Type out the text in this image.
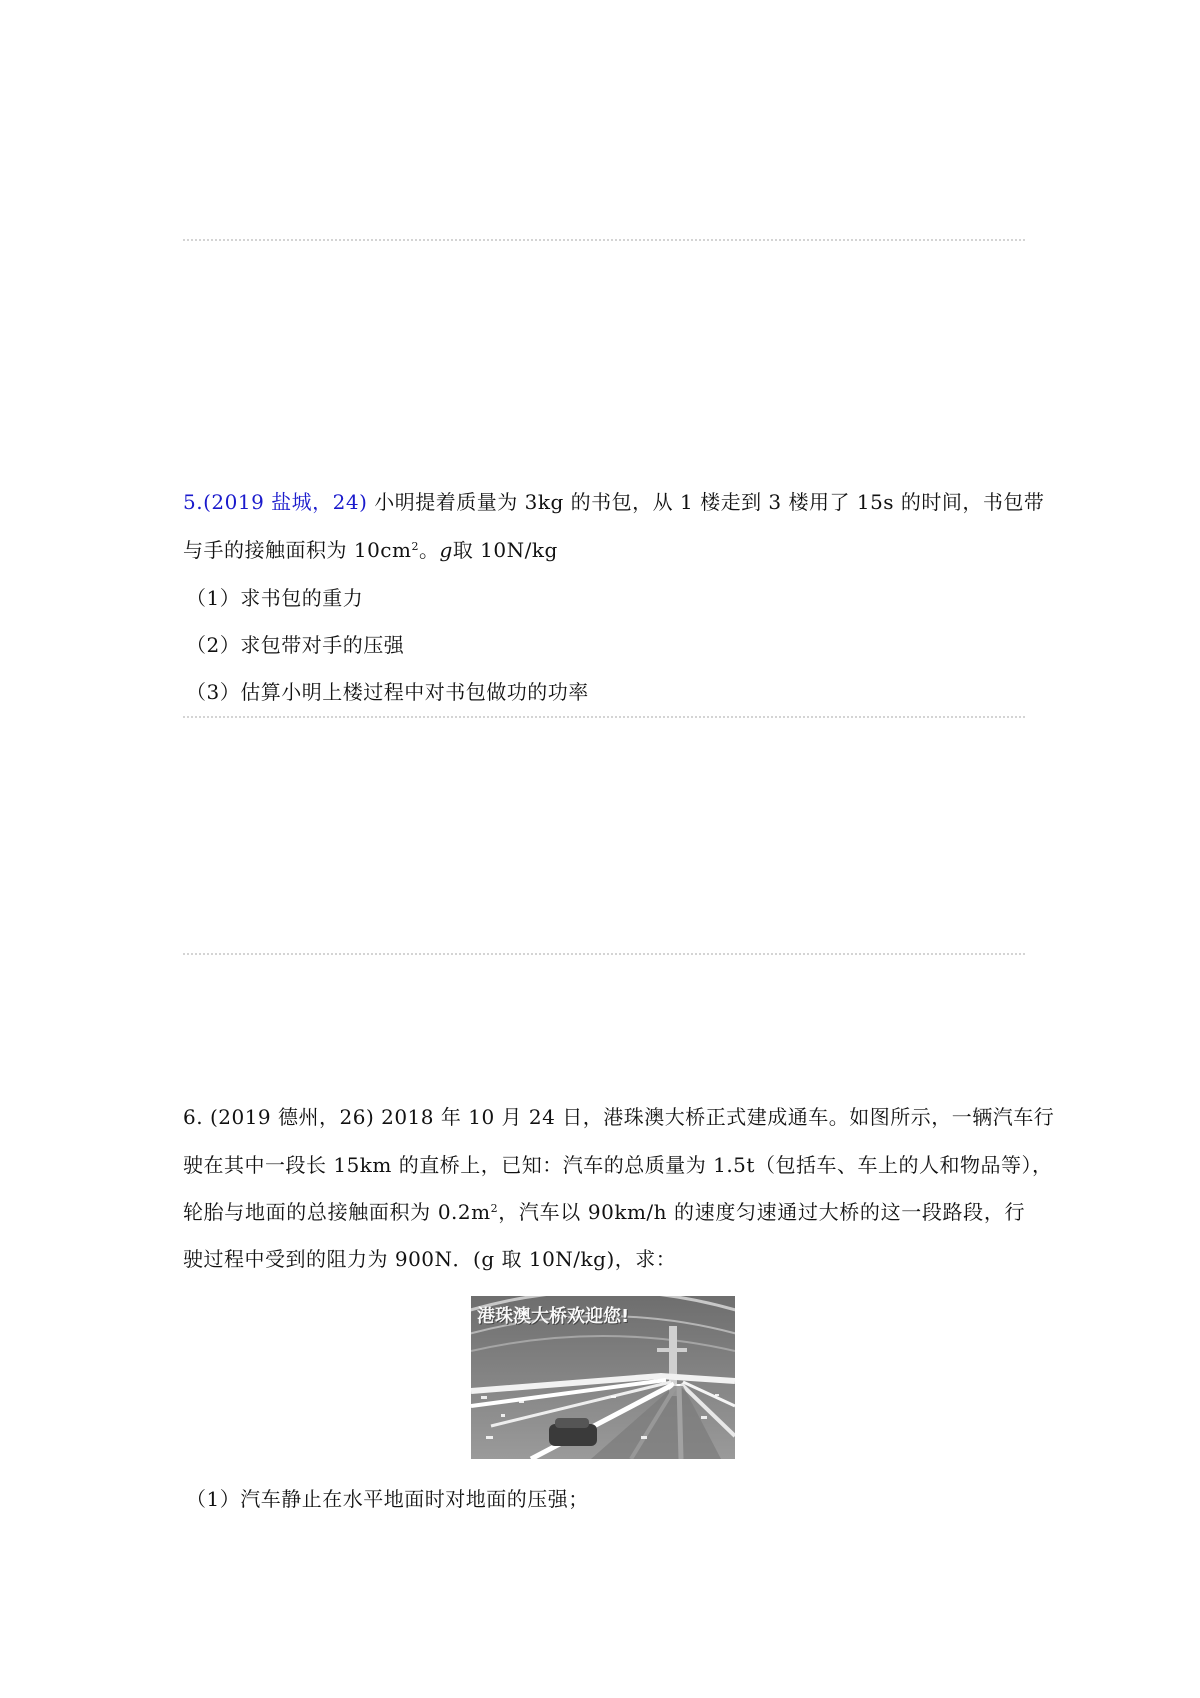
5.(2019 盐城，24) 小明提着质量为 3kg 的书包，从 1 楼走到 3 楼用了 15s 的时间，书包带
与手的接触面积为 $10cm^2$。g取 10N/kg
（1）求书包的重力
（2）求包带对手的压强
（3）估算小明上楼过程中对书包做功的功率
6. (2019 德州，26) 2018 年 10 月 24 日，港珠澳大桥正式建成通车。如图所示，一辆汽车行
驶在其中一段长 15km 的直桥上，已知：汽车的总质量为 1.5t（包括车、车上的人和物品等），
轮胎与地面的总接触面积为 $0.2m^2$，汽车以 90km/h 的速度匀速通过大桥的这一段路段，行
驶过程中受到的阻力为 900N．(g 取 10N/kg)，求：
港珠澳大桥欢迎您!
（1）汽车静止在水平地面时对地面的压强；
